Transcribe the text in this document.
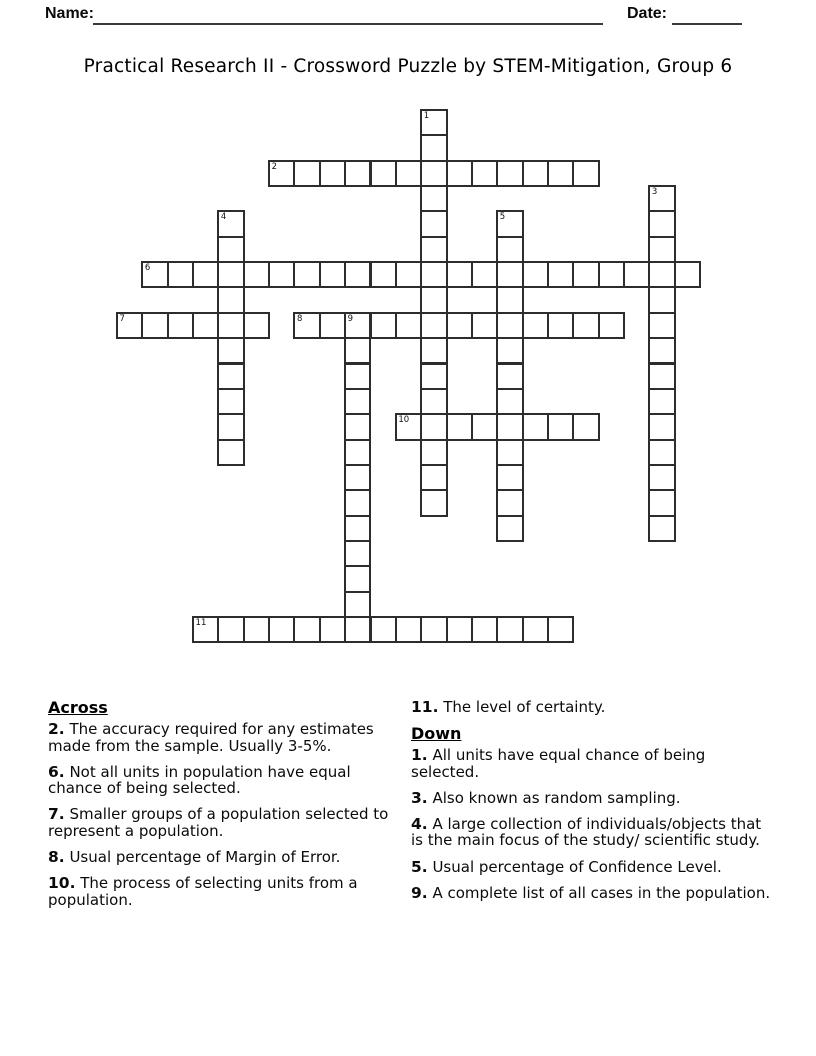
Name:	Date:
Practical Research II - Crossword Puzzle by STEM-Mitigation, Group 6
1
2
3
4	5
6
7	8	9
10
11
Across

2. The accuracy required for any estimates made from the sample. Usually 3-5%.

6. Not all units in population have equal chance of being selected.

7. Smaller groups of a population selected to represent a population.

8. Usual percentage of Margin of Error.

10. The process of selecting units from a population.

11. The level of certainty.

Down

1. All units have equal chance of being selected.

3. Also known as random sampling.

4. A large collection of individuals/objects that is the main focus of the study/ scientific study.

5. Usual percentage of Confidence Level.

9. A complete list of all cases in the population.
